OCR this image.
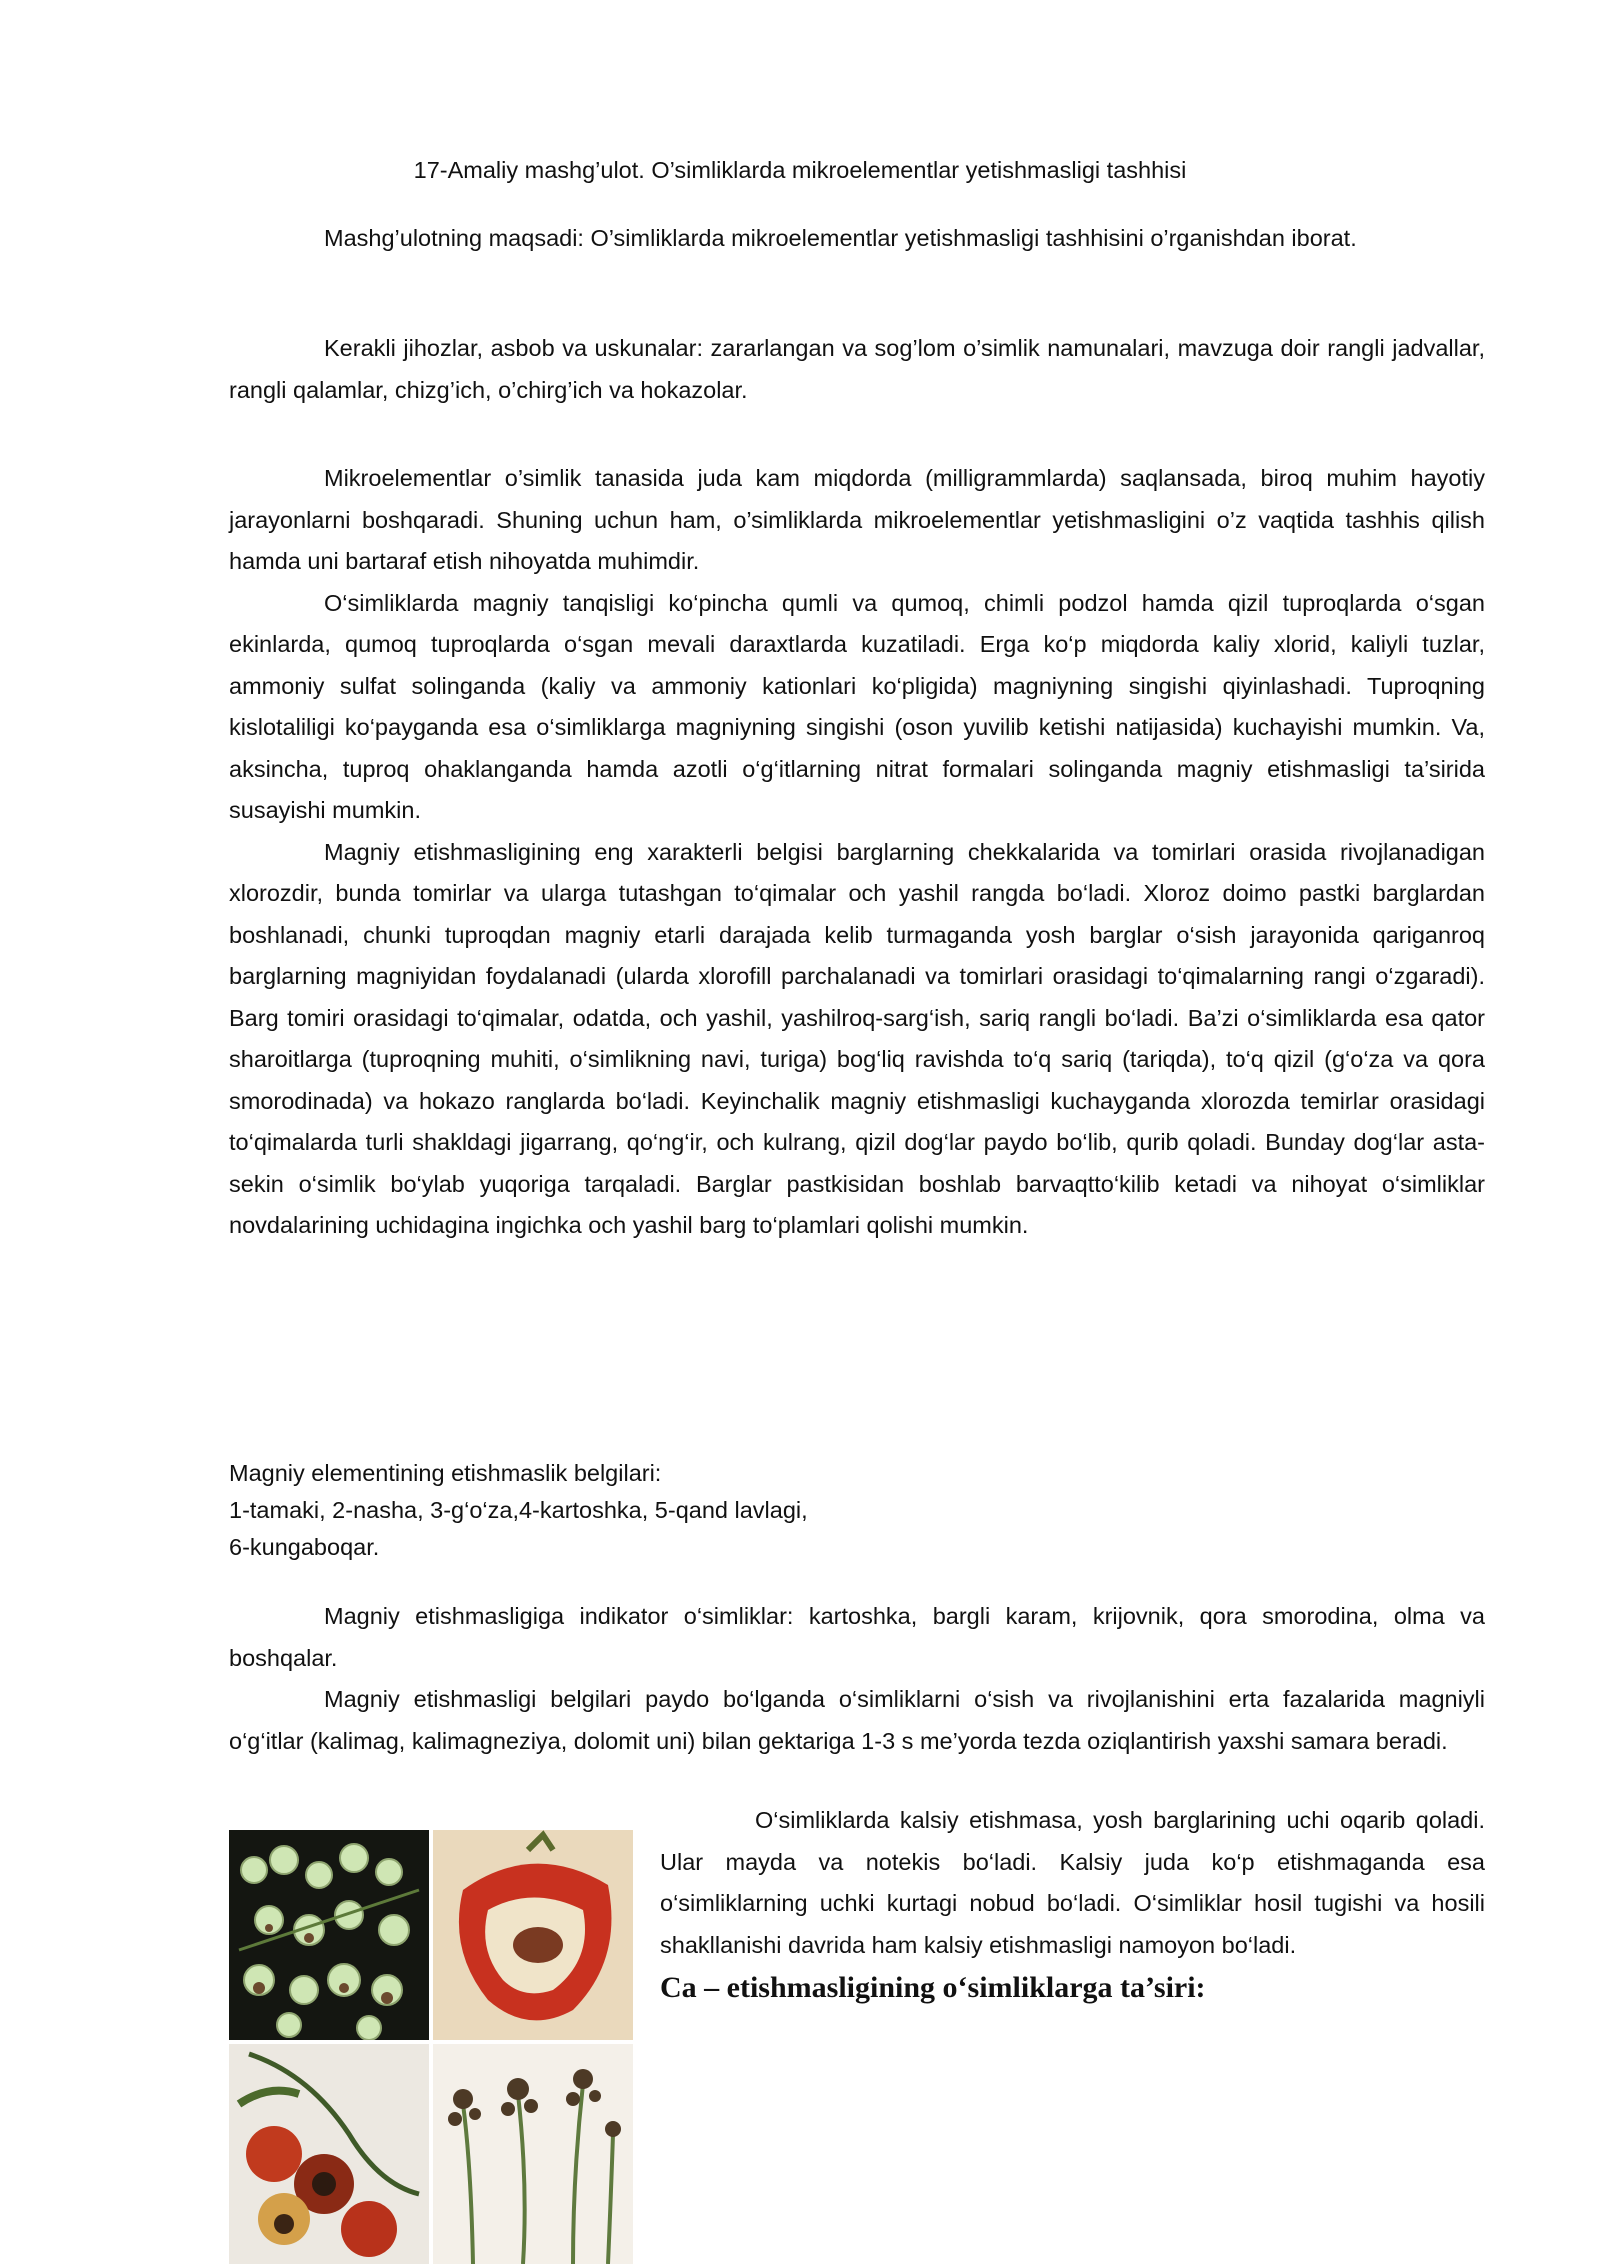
17-Amaliy mashg’ulot. O’simliklarda mikroelementlar yetishmasligi tashhisi

Mashg’ulotning maqsadi: O’simliklarda mikroelementlar yetishmasligi tashhisini o’rganishdan iborat.

Kerakli jihozlar, asbob va uskunalar: zararlangan va sog’lom o’simlik namunalari, mavzuga doir rangli jadvallar, rangli qalamlar, chizg’ich, o’chirg’ich va hokazolar.

Mikroelementlar o’simlik tanasida juda kam miqdorda (milligrammlarda) saqlansada, biroq muhim hayotiy jarayonlarni boshqaradi. Shuning uchun ham, o’simliklarda mikroelementlar yetishmasligini o’z vaqtida tashhis qilish hamda uni bartaraf etish nihoyatda muhimdir.

O‘simliklarda magniy tanqisligi ko‘pincha qumli va qumoq, chimli podzol hamda qizil tuproqlarda o‘sgan ekinlarda, qumoq tuproqlarda o‘sgan mevali daraxtlarda kuzatiladi. Erga ko‘p miqdorda kaliy xlorid, kaliyli tuzlar, ammoniy sulfat solinganda (kaliy va ammoniy kationlari ko‘pligida) magniyning singishi qiyinlashadi. Tuproqning kislotaliligi ko‘payganda esa o‘simliklarga magniyning singishi (oson yuvilib ketishi natijasida) kuchayishi mumkin. Va, aksincha, tuproq ohaklanganda hamda azotli o‘g‘itlarning nitrat formalari solinganda magniy etishmasligi ta’sirida susayishi mumkin.

Magniy etishmasligining eng xarakterli belgisi barglarning chekkalarida va tomirlari orasida rivojlanadigan xlorozdir, bunda tomirlar va ularga tutashgan to‘qimalar och yashil rangda bo‘ladi. Xloroz doimo pastki barglardan boshlanadi, chunki tuproqdan magniy etarli darajada kelib turmaganda yosh barglar o‘sish jarayonida qariganroq barglarning magniyidan foydalanadi (ularda xlorofill parchalanadi va tomirlari orasidagi to‘qimalarning rangi o‘zgaradi). Barg tomiri orasidagi to‘qimalar, odatda, och yashil, yashilroq-sarg‘ish, sariq rangli bo‘ladi. Ba’zi o‘simliklarda esa qator sharoitlarga (tuproqning muhiti, o‘simlikning navi, turiga) bog‘liq ravishda to‘q sariq (tariqda), to‘q qizil (g‘o‘za va qora smorodinada) va hokazo ranglarda bo‘ladi. Keyinchalik magniy etishmasligi kuchayganda xlorozda temirlar orasidagi to‘qimalarda turli shakldagi jigarrang, qo‘ng‘ir, och kulrang, qizil dog‘lar paydo bo‘lib, qurib qoladi. Bunday dog‘lar asta-sekin o‘simlik bo‘ylab yuqoriga tarqaladi. Barglar pastkisidan boshlab barvaqtto‘kilib ketadi va nihoyat o‘simliklar novdalarining uchidagina ingichka och yashil barg to‘plamlari qolishi mumkin.

Magniy elementining etishmaslik belgilari:

1-tamaki, 2-nasha, 3-g‘o‘za,4-kartoshka, 5-qand lavlagi,

6-kungaboqar.

Magniy etishmasligiga indikator o‘simliklar: kartoshka, bargli karam, krijovnik, qora smorodina, olma va boshqalar.

Magniy etishmasligi belgilari paydo bo‘lganda o‘simliklarni o‘sish va rivojlanishini erta fazalarida magniyli o‘g‘itlar (kalimag, kalimagneziya, dolomit uni) bilan gektariga 1-3 s me’yorda tezda oziqlantirish yaxshi samara beradi.

O‘simliklarda kalsiy etishmasa, yosh barglarining uchi oqarib qoladi. Ular mayda va notekis bo‘ladi. Kalsiy juda ko‘p etishmaganda esa o‘simliklarning uchki kurtagi nobud bo‘ladi. O‘simliklar hosil tugishi va hosili shakllanishi davrida ham kalsiy etishmasligi namoyon bo‘ladi.

Ca – etishmasligining o‘simliklarga ta’siri:
